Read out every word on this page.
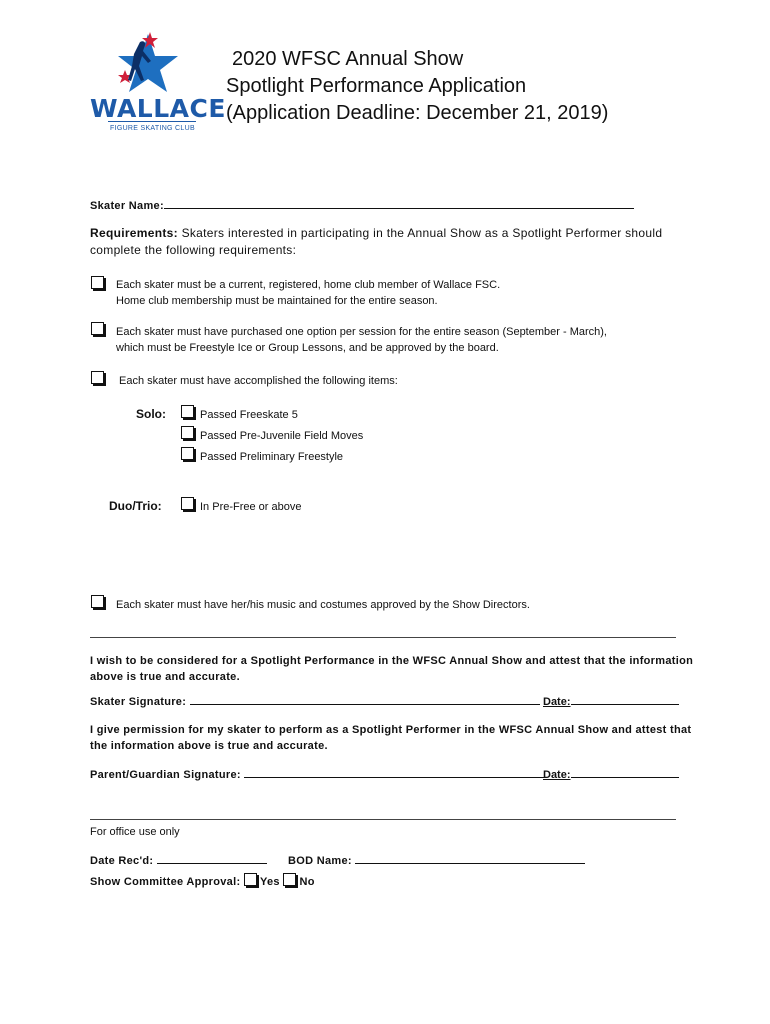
WALLACE
FIGURE SKATING CLUB
2020 WFSC Annual Show
Spotlight Performance Application
(Application Deadline: December 21, 2019)
Skater Name:
Requirements: Skaters interested in participating in the Annual Show as a Spotlight Performer should
complete the following requirements:
Each skater must be a current, registered, home club member of Wallace FSC.
Home club membership must be maintained for the entire season.
Each skater must have purchased one option per session for the entire season (September - March),
which must be Freestyle Ice or Group Lessons, and be approved by the board.
Each skater must have accomplished the following items:
Solo:	Passed Freeskate 5
Passed Pre-Juvenile Field Moves
Passed Preliminary Freestyle
Duo/Trio:	In Pre-Free or above
Each skater must have her/his music and costumes approved by the Show Directors.
I wish to be considered for a Spotlight Performance in the WFSC Annual Show and attest that the information
above is true and accurate.
Skater Signature:	Date:
I give permission for my skater to perform as a Spotlight Performer in the WFSC Annual Show and attest that
the information above is true and accurate.
Parent/Guardian Signature:	Date:
For office use only
Date Rec'd:	BOD Name:
Show Committee Approval: Yes No
